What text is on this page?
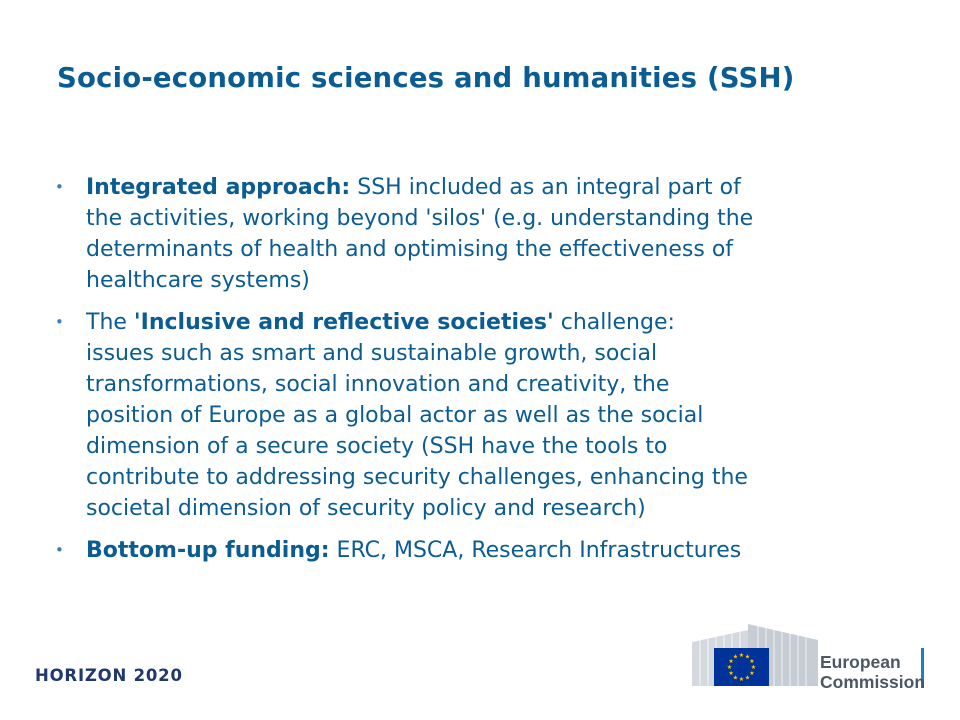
Socio-economic sciences and humanities (SSH)
• Integrated approach: SSH included as an integral part of
the activities, working beyond 'silos' (e.g. understanding the
determinants of health and optimising the effectiveness of
healthcare systems)
• The 'Inclusive and reflective societies' challenge:
issues such as smart and sustainable growth, social
transformations, social innovation and creativity, the
position of Europe as a global actor as well as the social
dimension of a secure society (SSH have the tools to
contribute to addressing security challenges, enhancing the
societal dimension of security policy and research)
• Bottom-up funding: ERC, MSCA, Research Infrastructures
HORIZON 2020	★
★
★
★
★
★
★
★
★ ★ ★
★	European
Commission
